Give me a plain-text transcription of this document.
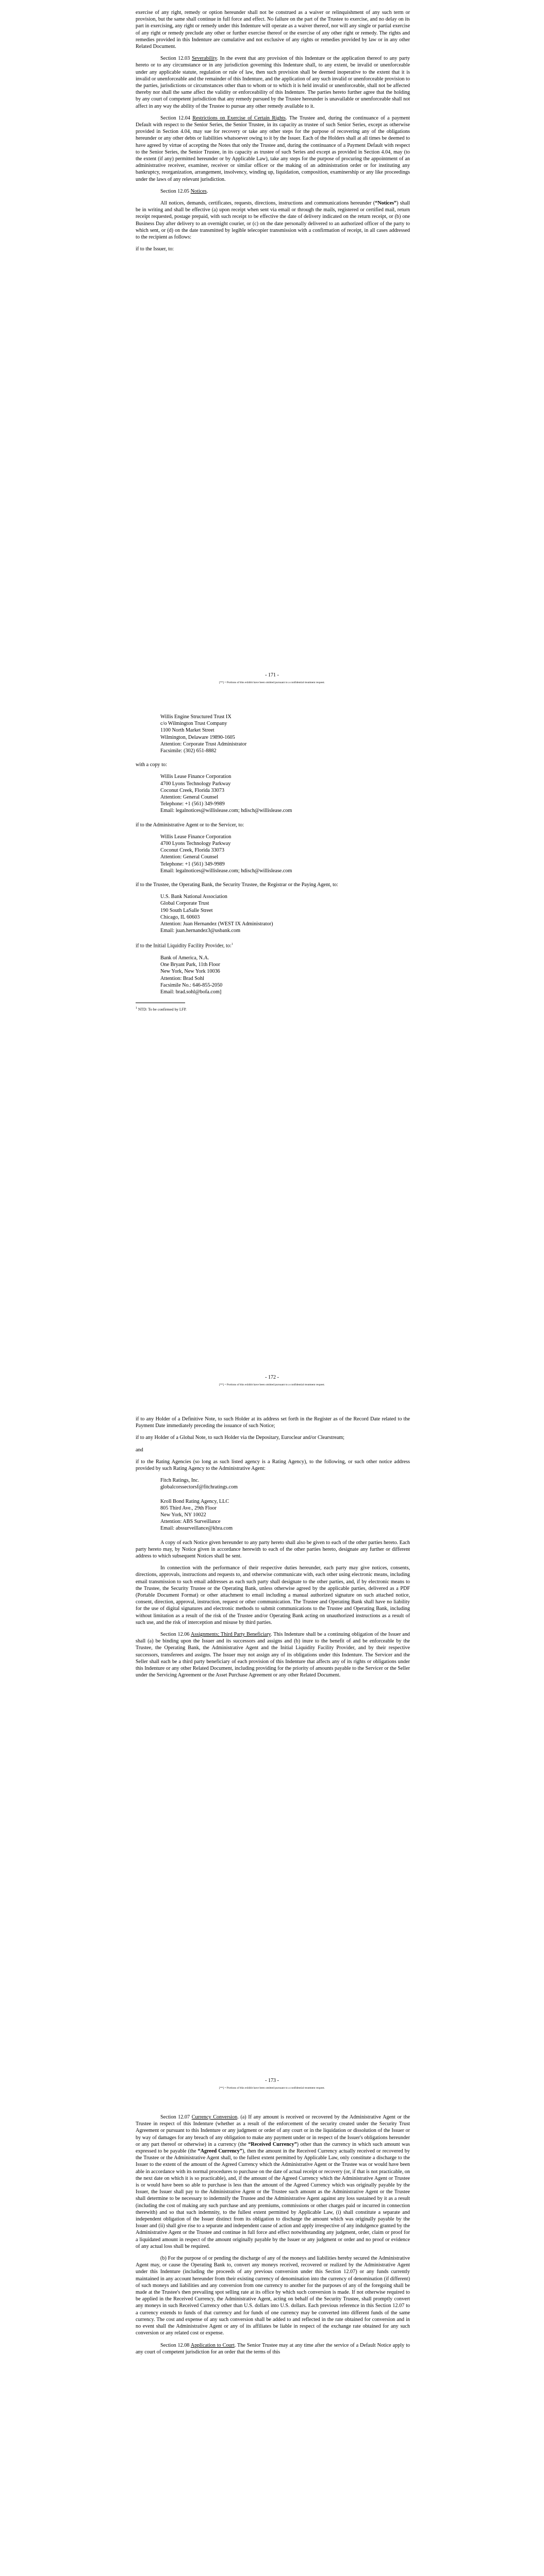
exercise of any right, remedy or option hereunder shall not be construed as a waiver or relinquishment of any such term or provision, but the same shall continue in full force and effect. No failure on the part of the Trustee to exercise, and no delay on its part in exercising, any right or remedy under this Indenture will operate as a waiver thereof, nor will any single or partial exercise of any right or remedy preclude any other or further exercise thereof or the exercise of any other right or remedy. The rights and remedies provided in this Indenture are cumulative and not exclusive of any rights or remedies provided by law or in any other Related Document.

Section 12.03 Severability. In the event that any provision of this Indenture or the application thereof to any party hereto or to any circumstance or in any jurisdiction governing this Indenture shall, to any extent, be invalid or unenforceable under any applicable statute, regulation or rule of law, then such provision shall be deemed inoperative to the extent that it is invalid or unenforceable and the remainder of this Indenture, and the application of any such invalid or unenforceable provision to the parties, jurisdictions or circumstances other than to whom or to which it is held invalid or unenforceable, shall not be affected thereby nor shall the same affect the validity or enforceability of this Indenture. The parties hereto further agree that the holding by any court of competent jurisdiction that any remedy pursued by the Trustee hereunder is unavailable or unenforceable shall not affect in any way the ability of the Trustee to pursue any other remedy available to it.

Section 12.04 Restrictions on Exercise of Certain Rights. The Trustee and, during the continuance of a payment Default with respect to the Senior Series, the Senior Trustee, in its capacity as trustee of such Senior Series, except as otherwise provided in Section 4.04, may sue for recovery or take any other steps for the purpose of recovering any of the obligations hereunder or any other debts or liabilities whatsoever owing to it by the Issuer. Each of the Holders shall at all times be deemed to have agreed by virtue of accepting the Notes that only the Trustee and, during the continuance of a Payment Default with respect to the Senior Series, the Senior Trustee, in its capacity as trustee of such Series and except as provided in Section 4.04, may (to the extent (if any) permitted hereunder or by Applicable Law), take any steps for the purpose of procuring the appointment of an administrative receiver, examiner, receiver or similar officer or the making of an administration order or for instituting any bankruptcy, reorganization, arrangement, insolvency, winding up, liquidation, composition, examinership or any like proceedings under the laws of any relevant jurisdiction.

Section 12.05 Notices.

All notices, demands, certificates, requests, directions, instructions and communications hereunder (“Notices”) shall be in writing and shall be effective (a) upon receipt when sent via email or through the mails, registered or certified mail, return receipt requested, postage prepaid, with such receipt to be effective the date of delivery indicated on the return receipt, or (b) one Business Day after delivery to an overnight courier, or (c) on the date personally delivered to an authorized officer of the party to which sent, or (d) on the date transmitted by legible telecopier transmission with a confirmation of receipt, in all cases addressed to the recipient as follows:

if to the Issuer, to:

- 171 -
[**] = Portions of this exhibit have been omitted pursuant to a confidential treatment request.
Willis Engine Structured Trust IX
c/o Wilmington Trust Company
1100 North Market Street
Wilmington, Delaware 19890-1605
Attention: Corporate Trust Administrator
Facsimile: (302) 651-8882

with a copy to:

Willis Lease Finance Corporation
4700 Lyons Technology Parkway
Coconut Creek, Florida 33073
Attention: General Counsel
Telephone: +1 (561) 349-9989
Email: legalnotices@willislease.com; hdisch@willislease.com

if to the Administrative Agent or to the Servicer, to:

Willis Lease Finance Corporation
4700 Lyons Technology Parkway
Coconut Creek, Florida 33073
Attention: General Counsel
Telephone: +1 (561) 349-9989
Email: legalnotices@willislease.com; hdisch@willislease.com

if to the Trustee, the Operating Bank, the Security Trustee, the Registrar or the Paying Agent, to:

U.S. Bank National Association
Global Corporate Trust
190 South LaSalle Street
Chicago, IL 60603
Attention: Juan Hernandez (WEST IX Administrator)
Email: juan.hernandez3@usbank.com

if to the Initial Liquidity Facility Provider, to:$^1$

Bank of America, N.A.
One Bryant Park, 11th Floor
New York, New York 10036
Attention: Brad Sohl
Facsimile No.: 646-855-2050
Email: brad.sohl@bofa.com]
$^1$ NTD: To be confirmed by LFP.
- 172 -
[**] = Portions of this exhibit have been omitted pursuant to a confidential treatment request.

if to any Holder of a Definitive Note, to such Holder at its address set forth in the Register as of the Record Date related to the Payment Date immediately preceding the issuance of such Notice;

if to any Holder of a Global Note, to such Holder via the Depositary, Euroclear and/or Clearstream;

and

if to the Rating Agencies (so long as such listed agency is a Rating Agency), to the following, or such other notice address provided by such Rating Agency to the Administrative Agent:

Fitch Ratings, Inc.
globalcorssectorsf@fitchratings.com
Kroll Bond Rating Agency, LLC
805 Third Ave., 29th Floor
New York, NY 10022
Attention: ABS Surveillance
Email: abssurveillance@kbra.com

A copy of each Notice given hereunder to any party hereto shall also be given to each of the other parties hereto. Each party hereto may, by Notice given in accordance herewith to each of the other parties hereto, designate any further or different address to which subsequent Notices shall be sent.

In connection with the performance of their respective duties hereunder, each party may give notices, consents, directions, approvals, instructions and requests to, and otherwise communicate with, each other using electronic means, including email transmission to such email addresses as each such party shall designate to the other parties, and, if by electronic means to the Trustee, the Security Trustee or the Operating Bank, unless otherwise agreed by the applicable parties, delivered as a PDF (Portable Document Format) or other attachment to email including a manual authorized signature on such attached notice, consent, direction, approval, instruction, request or other communication. The Trustee and Operating Bank shall have no liability for the use of digital signatures and electronic methods to submit communications to the Trustee and Operating Bank, including without limitation as a result of the risk of the Trustee and/or Operating Bank acting on unauthorized instructions as a result of such use, and the risk of interception and misuse by third parties.

Section 12.06 Assignments; Third Party Beneficiary. This Indenture shall be a continuing obligation of the Issuer and shall (a) be binding upon the Issuer and its successors and assigns and (b) inure to the benefit of and be enforceable by the Trustee, the Operating Bank, the Administrative Agent and the Initial Liquidity Facility Provider, and by their respective successors, transferees and assigns. The Issuer may not assign any of its obligations under this Indenture. The Servicer and the Seller shall each be a third party beneficiary of each provision of this Indenture that affects any of its rights or obligations under this Indenture or any other Related Document, including providing for the priority of amounts payable to the Servicer or the Seller under the Servicing Agreement or the Asset Purchase Agreement or any other Related Document.

- 173 -
[**] = Portions of this exhibit have been omitted pursuant to a confidential treatment request.

Section 12.07 Currency Conversion. (a) If any amount is received or recovered by the Administrative Agent or the Trustee in respect of this Indenture (whether as a result of the enforcement of the security created under the Security Trust Agreement or pursuant to this Indenture or any judgment or order of any court or in the liquidation or dissolution of the Issuer or by way of damages for any breach of any obligation to make any payment under or in respect of the Issuer's obligations hereunder or any part thereof or otherwise) in a currency (the “Received Currency”) other than the currency in which such amount was expressed to be payable (the “Agreed Currency”), then the amount in the Received Currency actually received or recovered by the Trustee or the Administrative Agent shall, to the fullest extent permitted by Applicable Law, only constitute a discharge to the Issuer to the extent of the amount of the Agreed Currency which the Administrative Agent or the Trustee was or would have been able in accordance with its normal procedures to purchase on the date of actual receipt or recovery (or, if that is not practicable, on the next date on which it is so practicable), and, if the amount of the Agreed Currency which the Administrative Agent or Trustee is or would have been so able to purchase is less than the amount of the Agreed Currency which was originally payable by the Issuer, the Issuer shall pay to the Administrative Agent or the Trustee such amount as the Administrative Agent or the Trustee shall determine to be necessary to indemnify the Trustee and the Administrative Agent against any loss sustained by it as a result (including the cost of making any such purchase and any premiums, commissions or other charges paid or incurred in connection therewith) and so that such indemnity, to the fullest extent permitted by Applicable Law, (i) shall constitute a separate and independent obligation of the Issuer distinct from its obligation to discharge the amount which was originally payable by the Issuer and (ii) shall give rise to a separate and independent cause of action and apply irrespective of any indulgence granted by the Administrative Agent or the Trustee and continue in full force and effect notwithstanding any judgment, order, claim or proof for a liquidated amount in respect of the amount originally payable by the Issuer or any judgment or order and no proof or evidence of any actual loss shall be required.

(b) For the purpose of or pending the discharge of any of the moneys and liabilities hereby secured the Administrative Agent may, or cause the Operating Bank to, convert any moneys received, recovered or realized by the Administrative Agent under this Indenture (including the proceeds of any previous conversion under this Section 12.07) or any funds currently maintained in any account hereunder from their existing currency of denomination into the currency of denomination (if different) of such moneys and liabilities and any conversion from one currency to another for the purposes of any of the foregoing shall be made at the Trustee's then prevailing spot selling rate at its office by which such conversion is made. If not otherwise required to be applied in the Received Currency, the Administrative Agent, acting on behalf of the Security Trustee, shall promptly convert any moneys in such Received Currency other than U.S. dollars into U.S. dollars. Each previous reference in this Section 12.07 to a currency extends to funds of that currency and for funds of one currency may be converted into different funds of the same currency. The cost and expense of any such conversion shall be added to and reflected in the rate obtained for conversion and in no event shall the Administrative Agent or any of its affiliates be liable in respect of the exchange rate obtained for any such conversion or any related cost or expense.

Section 12.08 Application to Court. The Senior Trustee may at any time after the service of a Default Notice apply to any court of competent jurisdiction for an order that the terms of this
